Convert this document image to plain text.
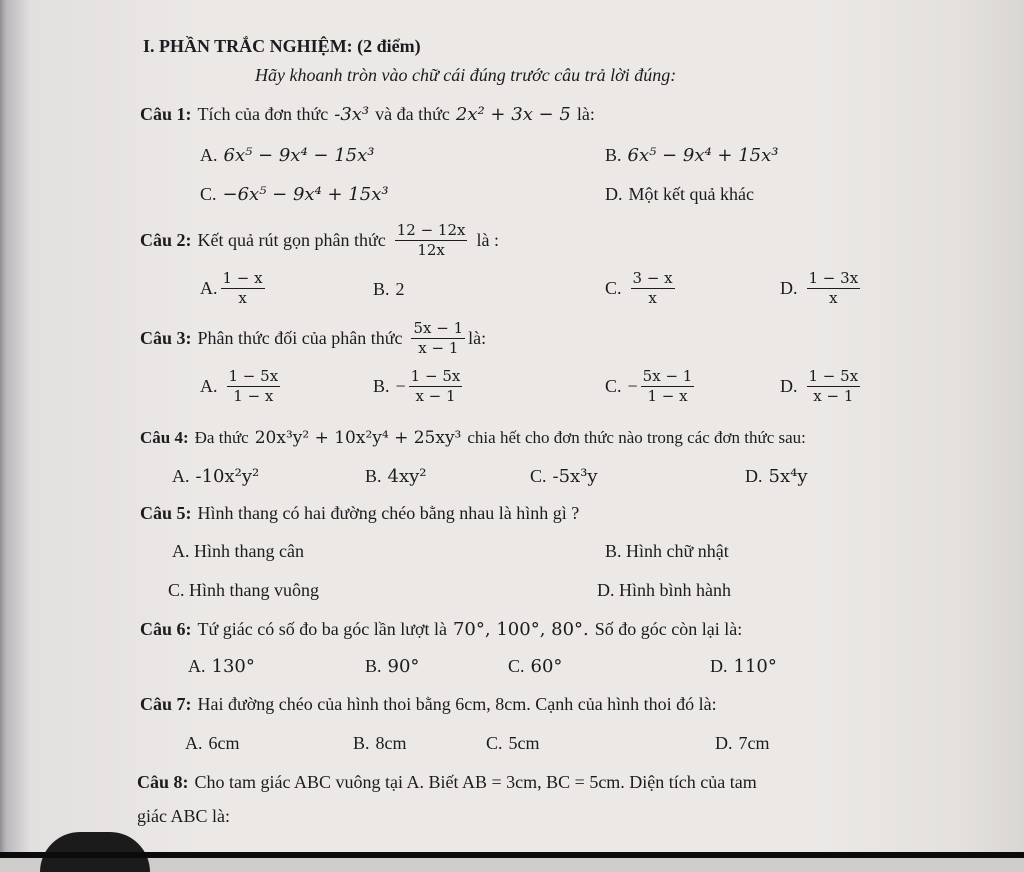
I. PHẦN TRẮC NGHIỆM: (2 điểm)
Hãy khoanh tròn vào chữ cái đúng trước câu trả lời đúng:
Câu 1: Tích của đơn thức -3x³ và đa thức 2x² + 3x − 5 là:
A. 6x⁵ − 9x⁴ − 15x³	B. 6x⁵ − 9x⁴ + 15x³
C. −6x⁵ − 9x⁴ + 15x³	D. Một kết quả khác
Câu 2: Kết quả rút gọn phân thức $\frac{12 - 12x}{12x}$ là :
A. $\frac{1 - x}{x}$	B. 2	C. $\frac{3 - x}{x}$	D. $\frac{1 - 3x}{x}$
Câu 3: Phân thức đối của phân thức $\frac{5x - 1}{x - 1}$ là:
A. $\frac{1 - 5x}{1 - x}$	B. − $\frac{1 - 5x}{x - 1}$	C. − $\frac{5x - 1}{1 - x}$	D. $\frac{1 - 5x}{x - 1}$
Câu 4: Đa thức 20x³y² + 10x²y⁴ + 25xy³ chia hết cho đơn thức nào trong các đơn thức sau:
A. -10x²y²	B. 4xy²	C. -5x³y	D. 5x⁴y
Câu 5: Hình thang có hai đường chéo bằng nhau là hình gì ?
A. Hình thang cân	B. Hình chữ nhật
C. Hình thang vuông	D. Hình bình hành
Câu 6: Tứ giác có số đo ba góc lần lượt là 70°, 100°, 80°. Số đo góc còn lại là:
A. 130°	B. 90°	C. 60°	D. 110°
Câu 7: Hai đường chéo của hình thoi bằng 6cm, 8cm. Cạnh của hình thoi đó là:
A. 6cm	B. 8cm	C. 5cm	D. 7cm
Câu 8: Cho tam giác ABC vuông tại A. Biết AB = 3cm, BC = 5cm. Diện tích của tam
giác ABC là:
